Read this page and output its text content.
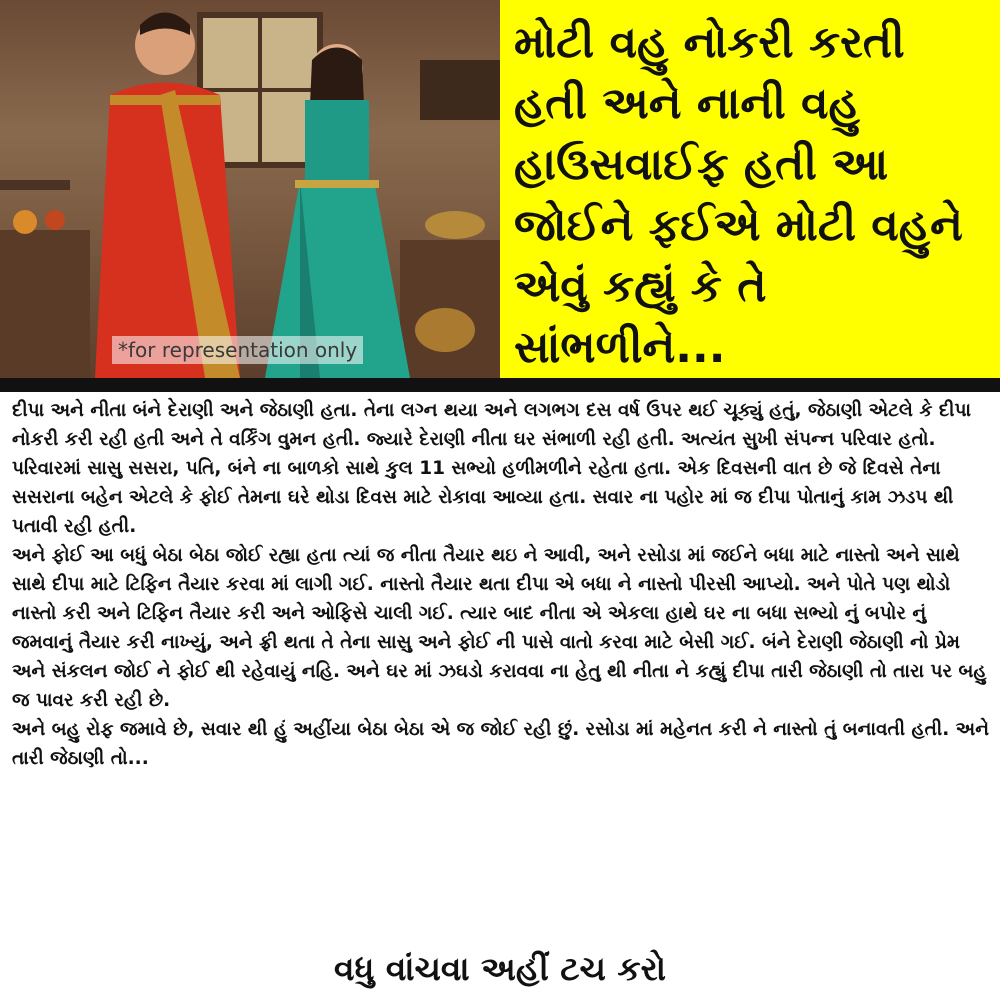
*for representation only
મોટી વહુ નોકરી કરતી
હતી અને નાની વહુ
હાઉસવાઈફ હતી આ
જોઈને ફઈએ મોટી વહુને
એવું કહ્યું કે તે સાંભળીને...

દીપા અને નીતા બંને દેરાણી અને જેઠાણી હતા. તેના લગ્ન થયા અને લગભગ દસ વર્ષ ઉપર થઈ ચૂક્યું હતું, જેઠાણી એટલે કે દીપા નોકરી કરી રહી હતી અને તે વર્કિંગ વુમન હતી. જ્યારે દેરાણી નીતા ઘર સંભાળી રહી હતી. અત્યંત સુખી સંપન્ન પરિવાર હતો.

પરિવારમાં સાસુ સસરા, પતિ, બંને ના બાળકો સાથે કુલ 11 સભ્યો હળીમળીને રહેતા હતા. એક દિવસની વાત છે જે દિવસે તેના સસરાના બહેન એટલે કે ફોઈ તેમના ઘરે થોડા દિવસ માટે રોકાવા આવ્યા હતા. સવાર ના પહોર માં જ દીપા પોતાનું કામ ઝડપ થી પતાવી રહી હતી.

અને ફોઈ આ બધું બેઠા બેઠા જોઈ રહ્યા હતા ત્યાં જ નીતા તૈયાર થઇ ને આવી, અને રસોડા માં જઈને બધા માટે નાસ્તો અને સાથે સાથે દીપા માટે ટિફિન તૈયાર કરવા માં લાગી ગઈ. નાસ્તો તૈયાર થતા દીપા એ બધા ને નાસ્તો પીરસી આપ્યો. અને પોતે પણ થોડો નાસ્તો કરી અને ટિફિન તૈયાર કરી અને ઓફિસે ચાલી ગઈ. ત્યાર બાદ નીતા એ એકલા હાથે ઘર ના બધા સભ્યો નું બપોર નું જમવાનું તૈયાર કરી નાખ્યું, અને ફ્રી થતા તે તેના સાસુ અને ફોઈ ની પાસે વાતો કરવા માટે બેસી ગઈ. બંને દેરાણી જેઠાણી નો પ્રેમ અને સંકલન જોઈ ને ફોઈ થી રહેવાયું નહિ. અને ઘર માં ઝઘડો કરાવવા ના હેતુ થી નીતા ને કહ્યું દીપા તારી જેઠાણી તો તારા પર બહુ જ પાવર કરી રહી છે.

અને બહુ રોફ જમાવે છે, સવાર થી હું અહીંયા બેઠા બેઠા એ જ જોઈ રહી છું. રસોડા માં મહેનત કરી ને નાસ્તો તું બનાવતી હતી. અને તારી જેઠાણી તો...

વધુ વાંચવા અહીં ટચ કરો
